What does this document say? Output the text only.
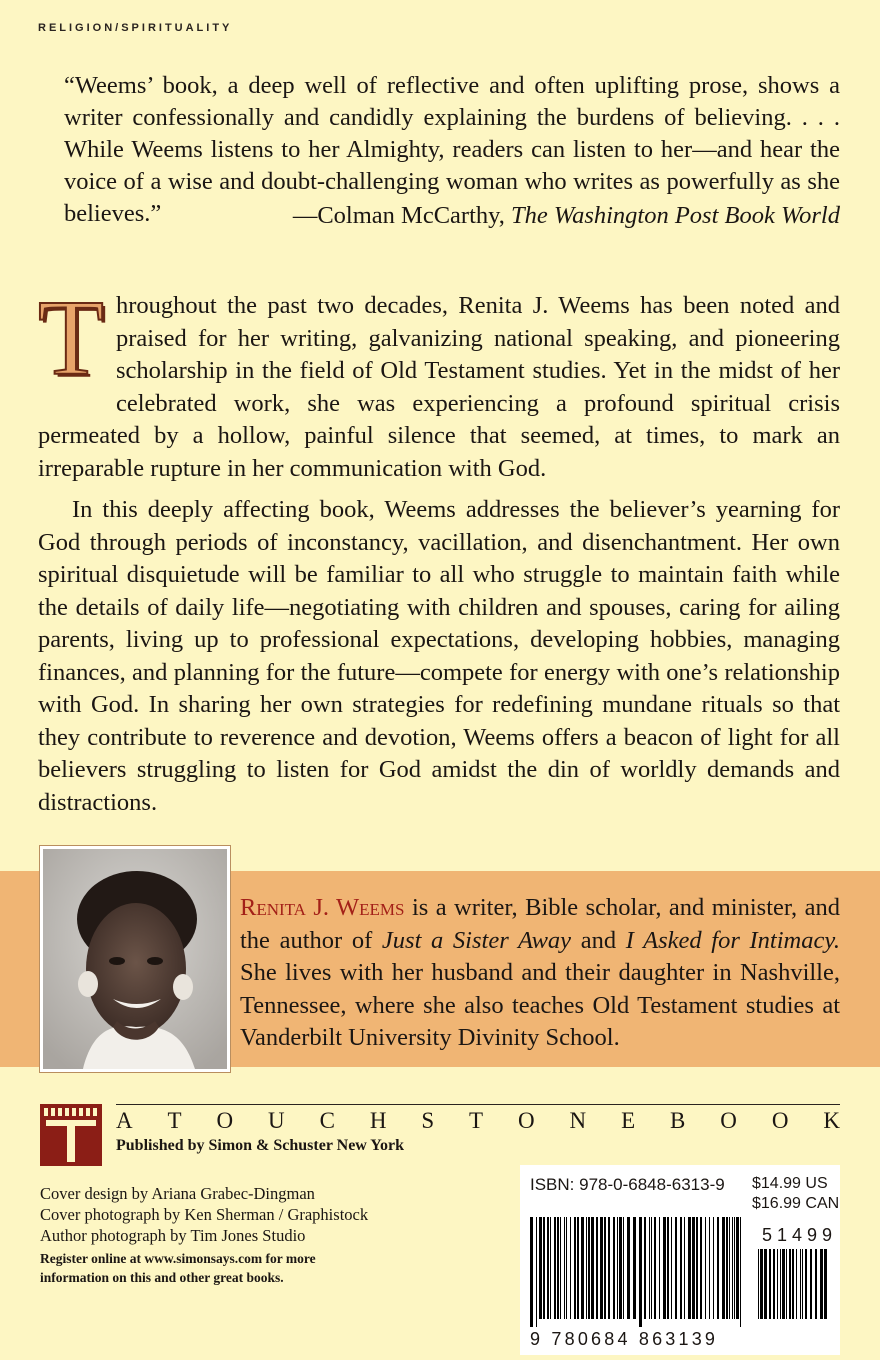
RELIGION/SPIRITUALITY
“Weems’ book, a deep well of reflective and often uplifting prose, shows a writer confessionally and candidly explaining the burdens of believing. . . . While Weems listens to her Almighty, readers can listen to her—and hear the voice of a wise and doubt-challenging woman who writes as powerfully as she believes.”	—Colman McCarthy, The Washington Post Book World

Throughout the past two decades, Renita J. Weems has been noted and praised for her writing, galvanizing national speaking, and pioneering scholarship in the field of Old Testament studies. Yet in the midst of her celebrated work, she was experiencing a profound spiritual crisis permeated by a hollow, painful silence that seemed, at times, to mark an irreparable rupture in her communication with God.

In this deeply affecting book, Weems addresses the believer’s yearning for God through periods of inconstancy, vacillation, and disenchantment. Her own spiritual disquietude will be familiar to all who struggle to maintain faith while the details of daily life—negotiating with children and spouses, caring for ailing parents, living up to professional expectations, developing hobbies, managing finances, and planning for the future—compete for energy with one’s relationship with God. In sharing her own strategies for redefining mundane rituals so that they contribute to reverence and devotion, Weems offers a beacon of light for all believers struggling to listen for God amidst the din of worldly demands and distractions.

Renita J. Weems is a writer, Bible scholar, and minister, and the author of Just a Sister Away and I Asked for Intimacy. She lives with her husband and their daughter in Nashville, Tennessee, where she also teaches Old Testament studies at Vanderbilt University Divinity School.
A T O U C H S T O N E B O O K
Published by Simon & Schuster New York
Cover design by Ariana Grabec-Dingman
Cover photograph by Ken Sherman / Graphistock
Author photograph by Tim Jones Studio
Register online at www.simonsays.com for more
information on this and other great books.
ISBN: 978-0-6848-6313-9 $14.99 US
$16.99 CAN
51499
9 780684 863139
